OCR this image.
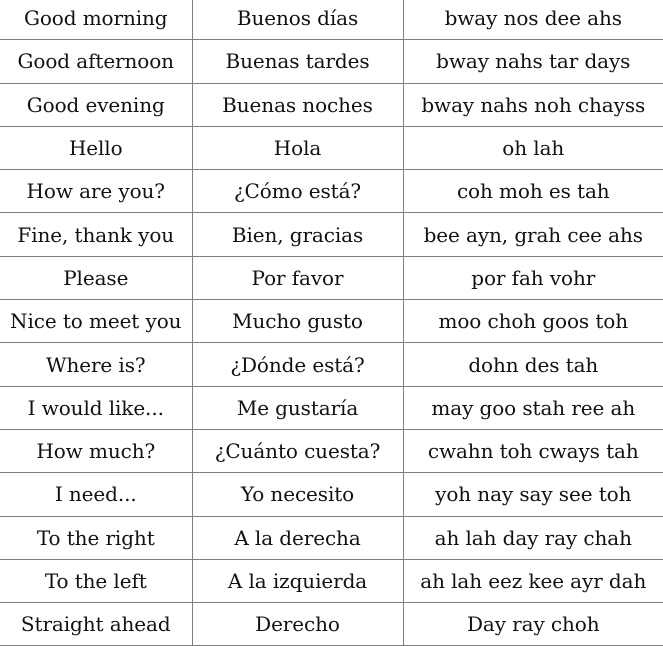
Good morning	Buenos días	bway nos dee ahs
Good afternoon	Buenas tardes	bway nahs tar days
Good evening	Buenas noches	bway nahs noh chayss
Hello	Hola	oh lah
How are you?	¿Cómo está?	coh moh es tah
Fine, thank you	Bien, gracias	bee ayn, grah cee ahs
Please	Por favor	por fah vohr
Nice to meet you	Mucho gusto	moo choh goos toh
Where is?	¿Dónde está?	dohn des tah
I would like...	Me gustaría	may goo stah ree ah
How much?	¿Cuánto cuesta?	cwahn toh cways tah
I need...	Yo necesito	yoh nay say see toh
To the right	A la derecha	ah lah day ray chah
To the left	A la izquierda	ah lah eez kee ayr dah
Straight ahead	Derecho	Day ray choh
